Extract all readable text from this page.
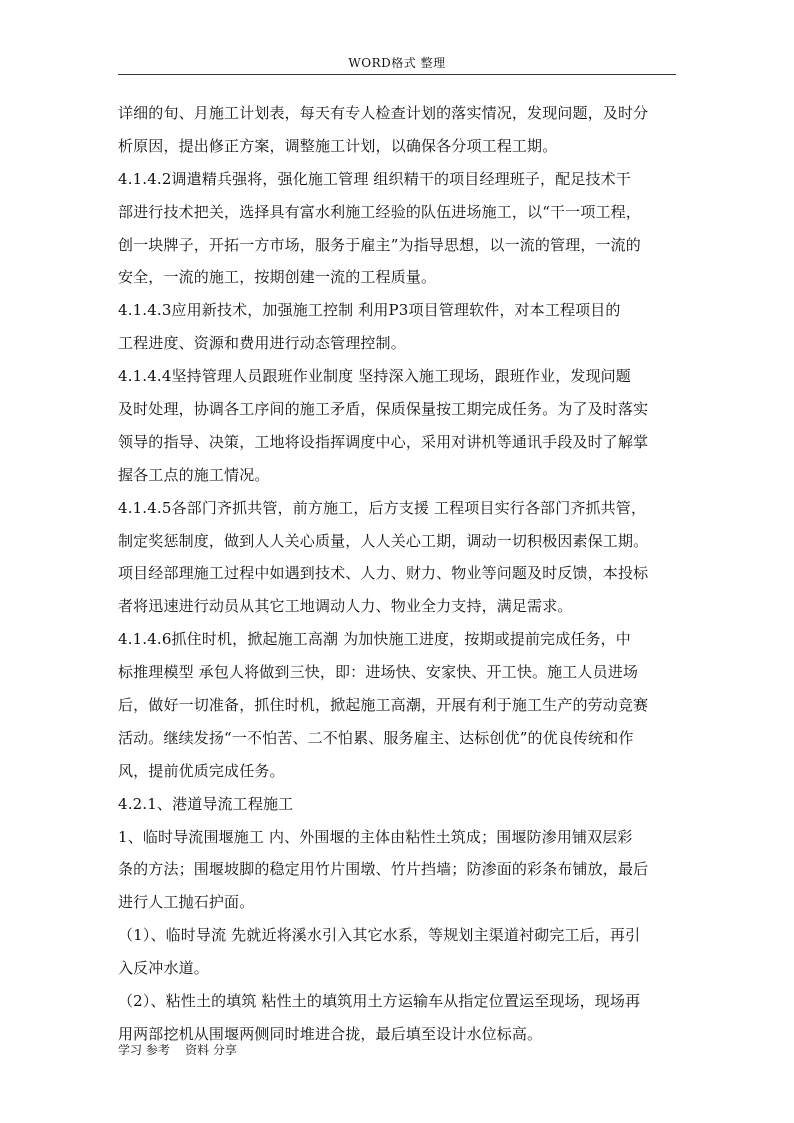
WORD格式 整理
详细的旬、月施工计划表，每天有专人检查计划的落实情况，发现问题，及时分
析原因，提出修正方案，调整施工计划，以确保各分项工程工期。
4.1.4.2调遣精兵强将，强化施工管理 组织精干的项目经理班子，配足技术干
部进行技术把关，选择具有富水利施工经验的队伍进场施工，以“干一项工程，
创一块牌子，开拓一方市场，服务于雇主”为指导思想，以一流的管理，一流的
安全，一流的施工，按期创建一流的工程质量。
4.1.4.3应用新技术，加强施工控制 利用P3项目管理软件，对本工程项目的
工程进度、资源和费用进行动态管理控制。
4.1.4.4坚持管理人员跟班作业制度 坚持深入施工现场，跟班作业，发现问题
及时处理，协调各工序间的施工矛盾，保质保量按工期完成任务。为了及时落实
领导的指导、决策，工地将设指挥调度中心，采用对讲机等通讯手段及时了解掌
握各工点的施工情况。
4.1.4.5各部门齐抓共管，前方施工，后方支援 工程项目实行各部门齐抓共管，
制定奖惩制度，做到人人关心质量，人人关心工期，调动一切积极因素保工期。
项目经部理施工过程中如遇到技术、人力、财力、物业等问题及时反馈，本投标
者将迅速进行动员从其它工地调动人力、物业全力支持，满足需求。
4.1.4.6抓住时机，掀起施工高潮 为加快施工进度，按期或提前完成任务，中
标推理模型 承包人将做到三快，即：进场快、安家快、开工快。施工人员进场
后，做好一切准备，抓住时机，掀起施工高潮，开展有利于施工生产的劳动竞赛
活动。继续发扬“一不怕苦、二不怕累、服务雇主、达标创优”的优良传统和作
风，提前优质完成任务。
4.2.1、港道导流工程施工
1、临时导流围堰施工 内、外围堰的主体由粘性土筑成；围堰防渗用铺双层彩
条的方法；围堰坡脚的稳定用竹片围墩、竹片挡墙；防渗面的彩条布铺放，最后
进行人工抛石护面。
（1）、临时导流 先就近将溪水引入其它水系，等规划主渠道衬砌完工后，再引
入反冲水道。
（2）、粘性土的填筑 粘性土的填筑用土方运输车从指定位置运至现场，现场再
用两部挖机从围堰两侧同时堆进合拢，最后填至设计水位标高。
学习 参考    资料 分享
